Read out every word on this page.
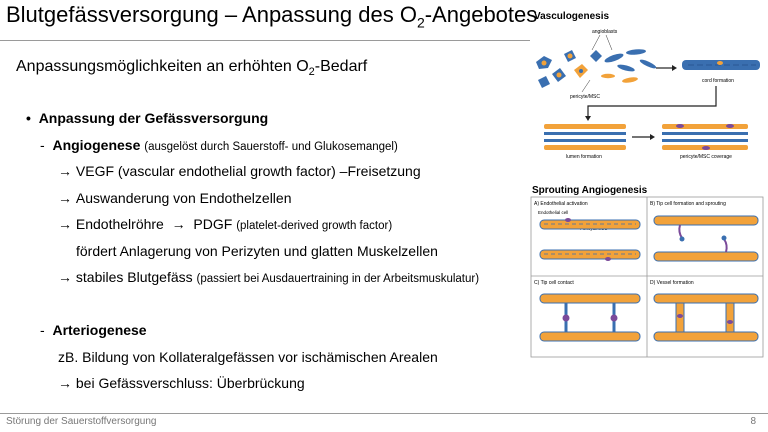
Blutgefässversorgung – Anpassung des $O_2$-Angebotes
Anpassungsmöglichkeiten an erhöhten $O_2$-Bedarf
• Anpassung der Gefässversorgung
- Angiogenese (ausgelöst durch Sauerstoff- und Glukosemangel)
→ VEGF (vascular endothelial growth factor) –Freisetzung
→ Auswanderung von Endothelzellen
→ Endothelröhre → PDGF (platelet-derived growth factor)
fördert Anlagerung von Perizyten und glatten Muskelzellen
→ stabiles Blutgefäss (passiert bei Ausdauertraining in der Arbeitsmuskulatur)
- Arteriogenese
zB. Bildung von Kollateralgefässen vor ischämischen Arealen
→ bei Gefässverschluss: Überbrückung
Vasculogenesis
angioblasts
pericyte/MSC
cord formation
lumen formation	pericyte/MSC coverage
Sprouting Angiogenesis
A) Endothelial activation
Endothelial cell
B) Tip cell formation and sprouting
C) Tip cell contact	D) Vessel formation
Störung der Sauerstoffversorgung	8
